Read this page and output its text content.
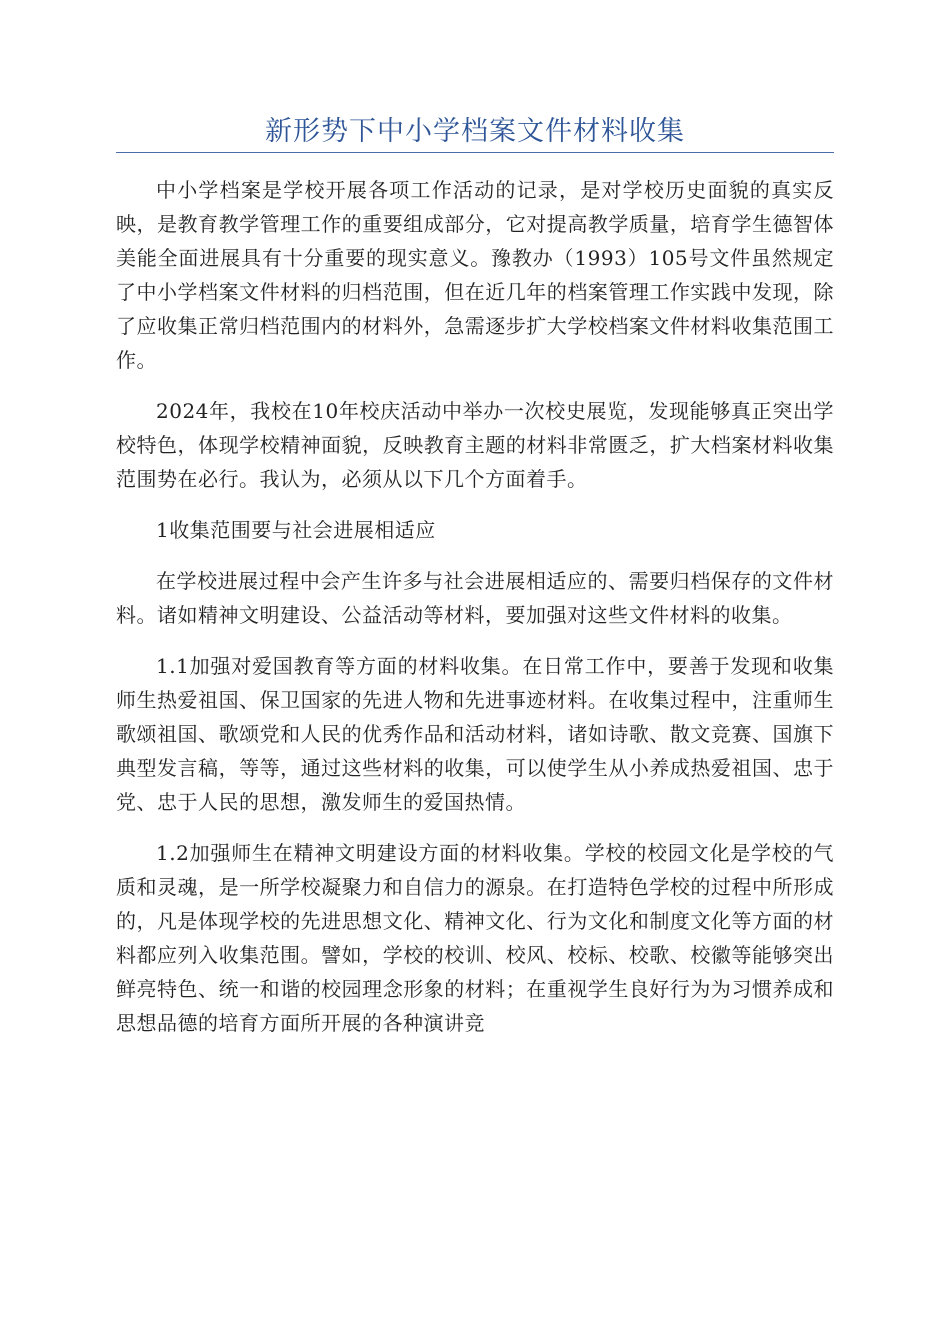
新形势下中小学档案文件材料收集

中小学档案是学校开展各项工作活动的记录，是对学校历史面貌的真实反映，是教育教学管理工作的重要组成部分，它对提高教学质量，培育学生德智体美能全面进展具有十分重要的现实意义。豫教办（1993）105号文件虽然规定了中小学档案文件材料的归档范围，但在近几年的档案管理工作实践中发现，除了应收集正常归档范围内的材料外，急需逐步扩大学校档案文件材料收集范围工作。

2024年，我校在10年校庆活动中举办一次校史展览，发现能够真正突出学校特色，体现学校精神面貌，反映教育主题的材料非常匮乏，扩大档案材料收集范围势在必行。我认为，必须从以下几个方面着手。

1收集范围要与社会进展相适应

在学校进展过程中会产生许多与社会进展相适应的、需要归档保存的文件材料。诸如精神文明建设、公益活动等材料，要加强对这些文件材料的收集。

1.1加强对爱国教育等方面的材料收集。在日常工作中，要善于发现和收集师生热爱祖国、保卫国家的先进人物和先进事迹材料。在收集过程中，注重师生歌颂祖国、歌颂党和人民的优秀作品和活动材料，诸如诗歌、散文竞赛、国旗下典型发言稿，等等，通过这些材料的收集，可以使学生从小养成热爱祖国、忠于党、忠于人民的思想，激发师生的爱国热情。

1.2加强师生在精神文明建设方面的材料收集。学校的校园文化是学校的气质和灵魂，是一所学校凝聚力和自信力的源泉。在打造特色学校的过程中所形成的，凡是体现学校的先进思想文化、精神文化、行为文化和制度文化等方面的材料都应列入收集范围。譬如，学校的校训、校风、校标、校歌、校徽等能够突出鲜亮特色、统一和谐的校园理念形象的材料；在重视学生良好行为为习惯养成和思想品德的培育方面所开展的各种演讲竞
